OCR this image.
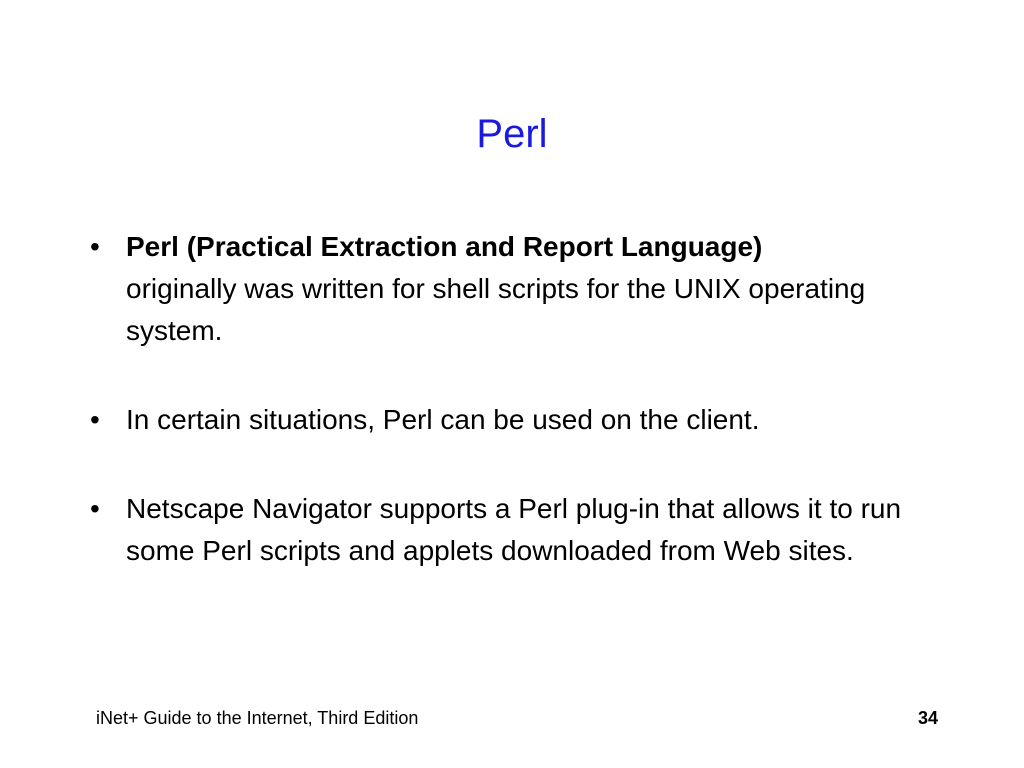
Perl
• Perl (Practical Extraction and Report Language)
originally was written for shell scripts for the UNIX operating system.
• In certain situations, Perl can be used on the client.
• Netscape Navigator supports a Perl plug-in that allows it to run some Perl scripts and applets downloaded from Web sites.
iNet+ Guide to the Internet, Third Edition	34
